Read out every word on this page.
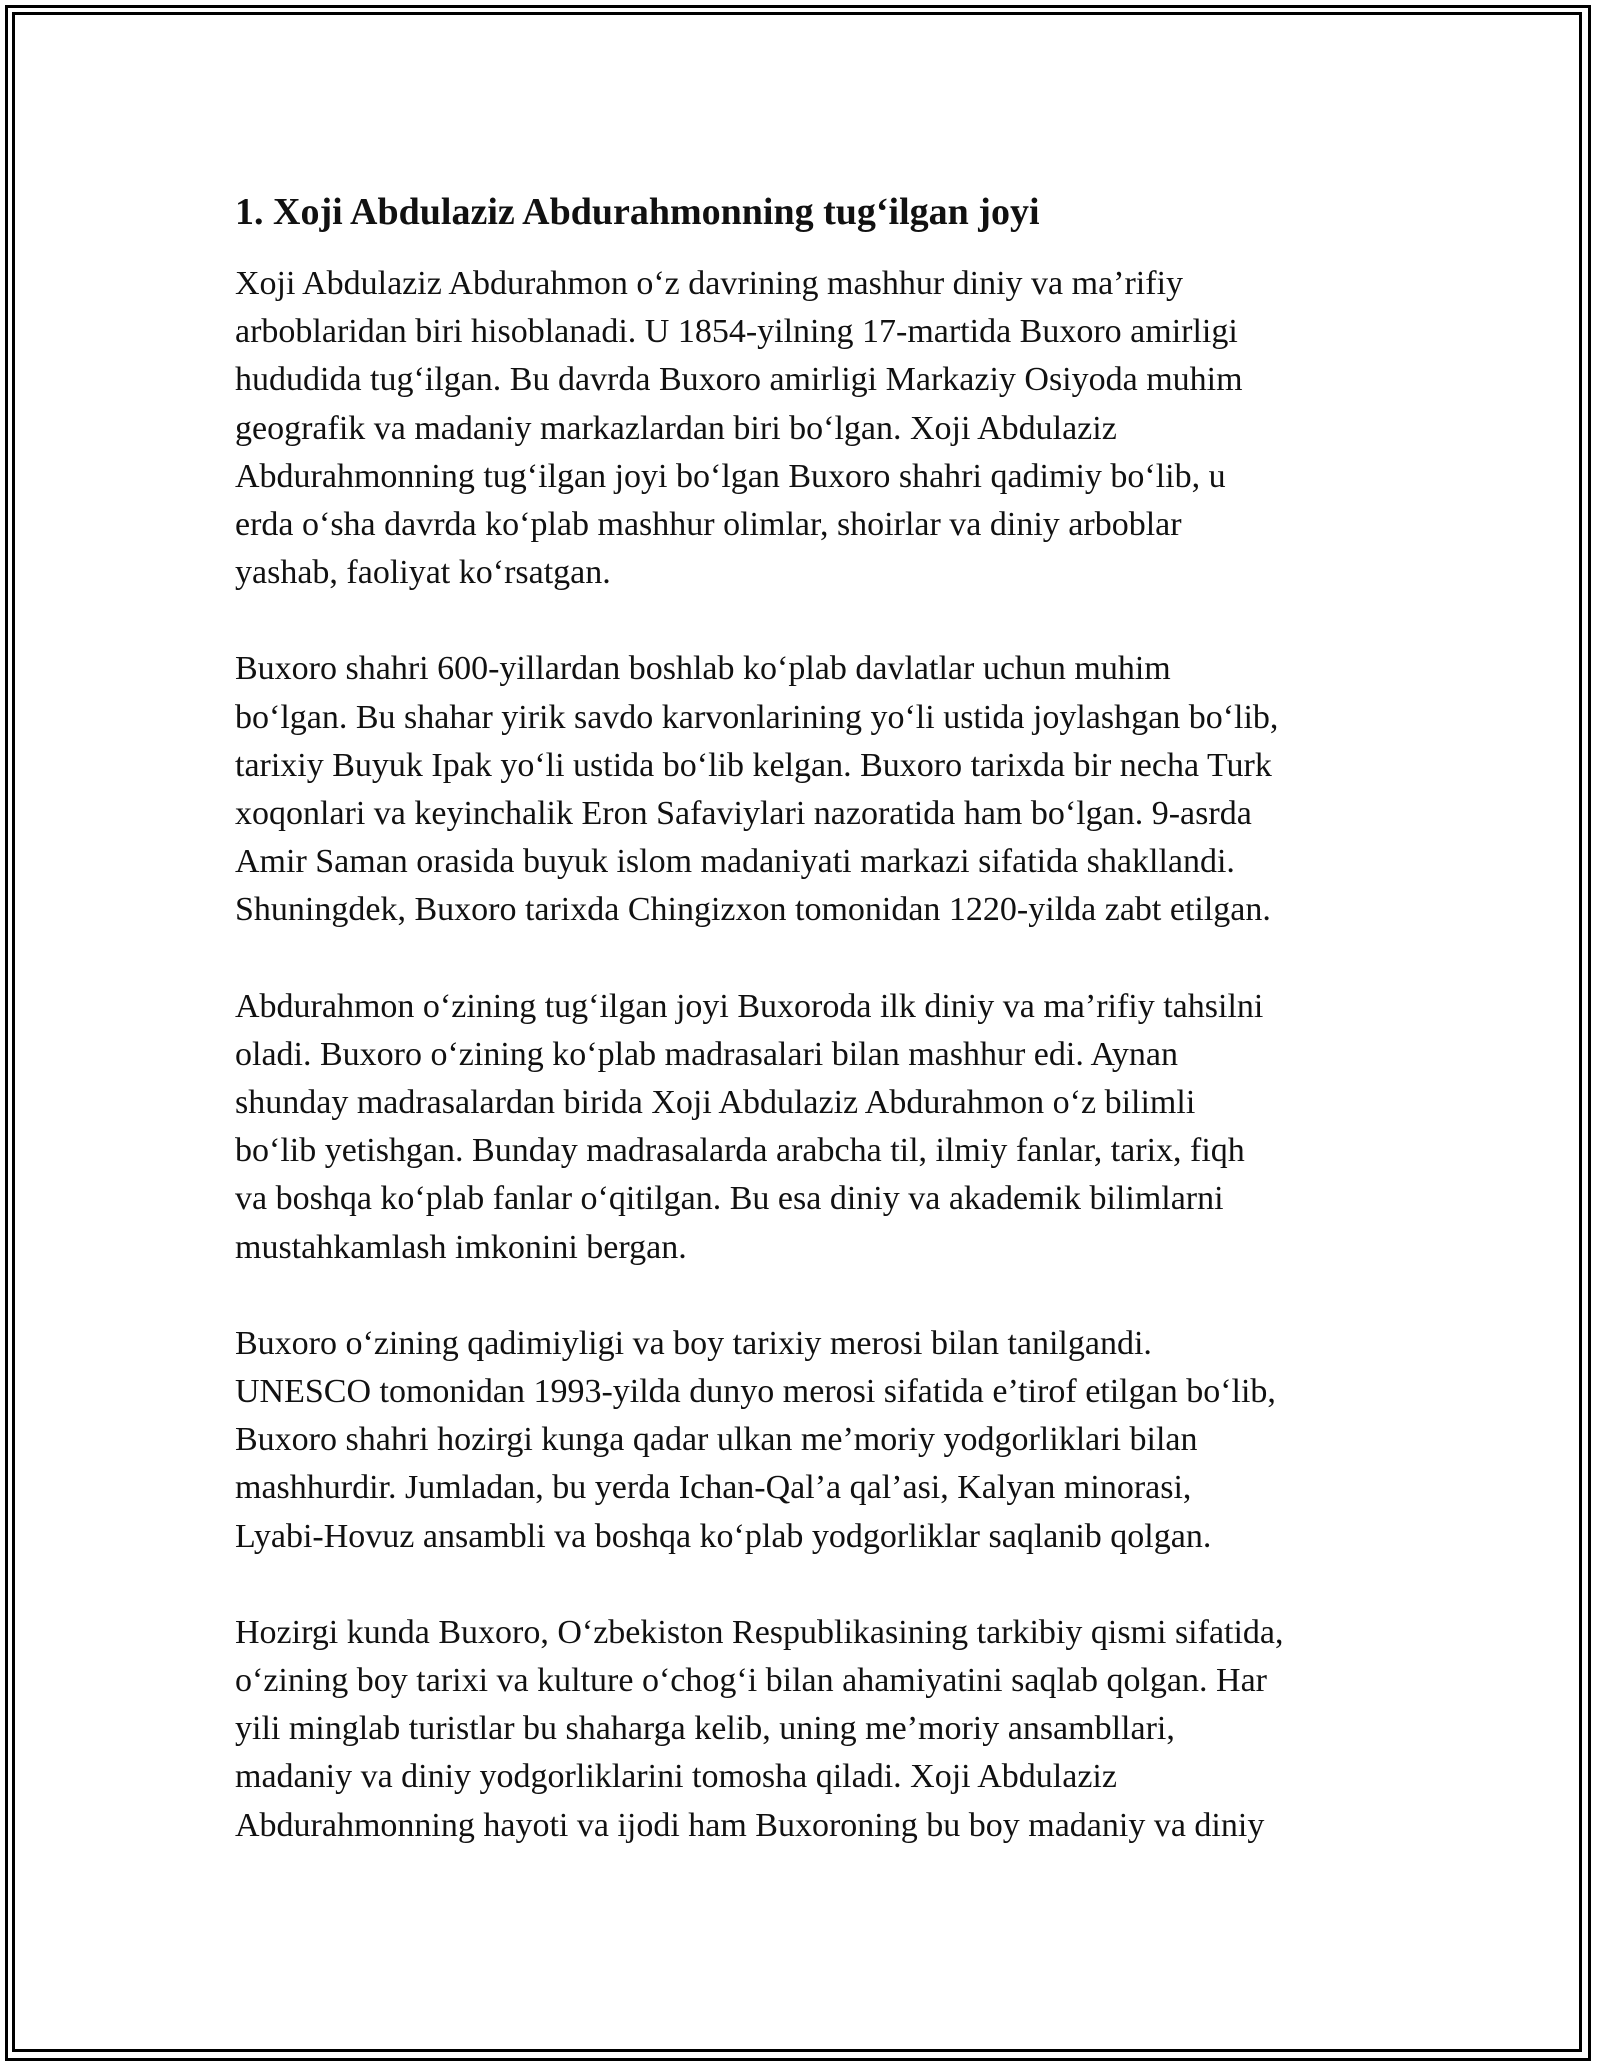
1. Xoji Abdulaziz Abdurahmonning tug‘ilgan joyi

Xoji Abdulaziz Abdurahmon o‘z davrining mashhur diniy va ma’rifiy
arboblaridan biri hisoblanadi. U 1854-yilning 17-martida Buxoro amirligi
hududida tug‘ilgan. Bu davrda Buxoro amirligi Markaziy Osiyoda muhim
geografik va madaniy markazlardan biri bo‘lgan. Xoji Abdulaziz
Abdurahmonning tug‘ilgan joyi bo‘lgan Buxoro shahri qadimiy bo‘lib, u
erda o‘sha davrda ko‘plab mashhur olimlar, shoirlar va diniy arboblar
yashab, faoliyat ko‘rsatgan.

Buxoro shahri 600-yillardan boshlab ko‘plab davlatlar uchun muhim
bo‘lgan. Bu shahar yirik savdo karvonlarining yo‘li ustida joylashgan bo‘lib,
tarixiy Buyuk Ipak yo‘li ustida bo‘lib kelgan. Buxoro tarixda bir necha Turk
xoqonlari va keyinchalik Eron Safaviylari nazoratida ham bo‘lgan. 9-asrda
Amir Saman orasida buyuk islom madaniyati markazi sifatida shakllandi.
Shuningdek, Buxoro tarixda Chingizxon tomonidan 1220-yilda zabt etilgan.

Abdurahmon o‘zining tug‘ilgan joyi Buxoroda ilk diniy va ma’rifiy tahsilni
oladi. Buxoro o‘zining ko‘plab madrasalari bilan mashhur edi. Aynan
shunday madrasalardan birida Xoji Abdulaziz Abdurahmon o‘z bilimli
bo‘lib yetishgan. Bunday madrasalarda arabcha til, ilmiy fanlar, tarix, fiqh
va boshqa ko‘plab fanlar o‘qitilgan. Bu esa diniy va akademik bilimlarni
mustahkamlash imkonini bergan.

Buxoro o‘zining qadimiyligi va boy tarixiy merosi bilan tanilgandi.
UNESCO tomonidan 1993-yilda dunyo merosi sifatida e’tirof etilgan bo‘lib,
Buxoro shahri hozirgi kunga qadar ulkan me’moriy yodgorliklari bilan
mashhurdir. Jumladan, bu yerda Ichan-Qal’a qal’asi, Kalyan minorasi,
Lyabi-Hovuz ansambli va boshqa ko‘plab yodgorliklar saqlanib qolgan.

Hozirgi kunda Buxoro, O‘zbekiston Respublikasining tarkibiy qismi sifatida,
o‘zining boy tarixi va kulture o‘chog‘i bilan ahamiyatini saqlab qolgan. Har
yili minglab turistlar bu shaharga kelib, uning me’moriy ansambllari,
madaniy va diniy yodgorliklarini tomosha qiladi. Xoji Abdulaziz
Abdurahmonning hayoti va ijodi ham Buxoroning bu boy madaniy va diniy
